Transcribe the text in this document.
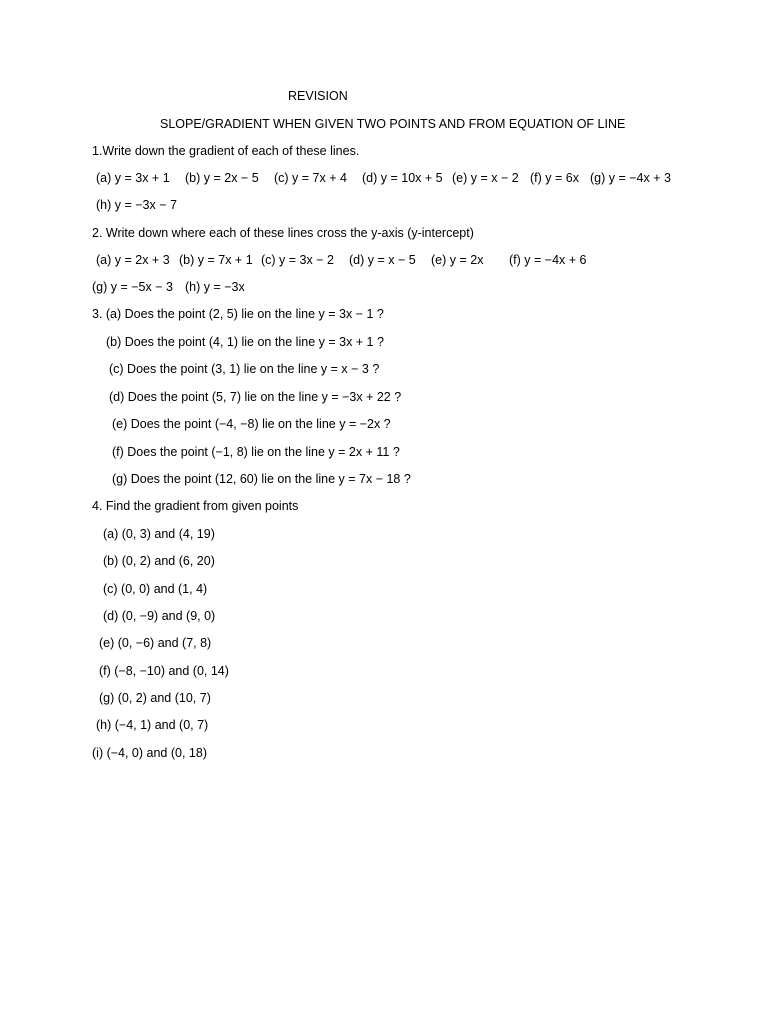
REVISION
SLOPE/GRADIENT WHEN GIVEN TWO POINTS AND FROM EQUATION OF LINE
1.Write down the gradient of each of these lines.
(a) y = 3x + 1 (b) y = 2x − 5 (c) y = 7x + 4 (d) y = 10x + 5 (e) y = x − 2 (f) y = 6x (g) y = −4x + 3
(h) y = −3x − 7
2. Write down where each of these lines cross the y-axis (y-intercept)
(a) y = 2x + 3 (b) y = 7x + 1 (c) y = 3x − 2 (d) y = x − 5 (e) y = 2x (f) y = −4x + 6
(g) y = −5x − 3 (h) y = −3x
3. (a) Does the point (2, 5) lie on the line y = 3x − 1 ?
(b) Does the point (4, 1) lie on the line y = 3x + 1 ?
(c) Does the point (3, 1) lie on the line y = x − 3 ?
(d) Does the point (5, 7) lie on the line y = −3x + 22 ?
(e) Does the point (−4, −8) lie on the line y = −2x ?
(f) Does the point (−1, 8) lie on the line y = 2x + 11 ?
(g) Does the point (12, 60) lie on the line y = 7x − 18 ?
4. Find the gradient from given points
(a) (0, 3) and (4, 19)
(b) (0, 2) and (6, 20)
(c) (0, 0) and (1, 4)
(d) (0, −9) and (9, 0)
(e) (0, −6) and (7, 8)
(f) (−8, −10) and (0, 14)
(g) (0, 2) and (10, 7)
(h) (−4, 1) and (0, 7)
(i) (−4, 0) and (0, 18)
